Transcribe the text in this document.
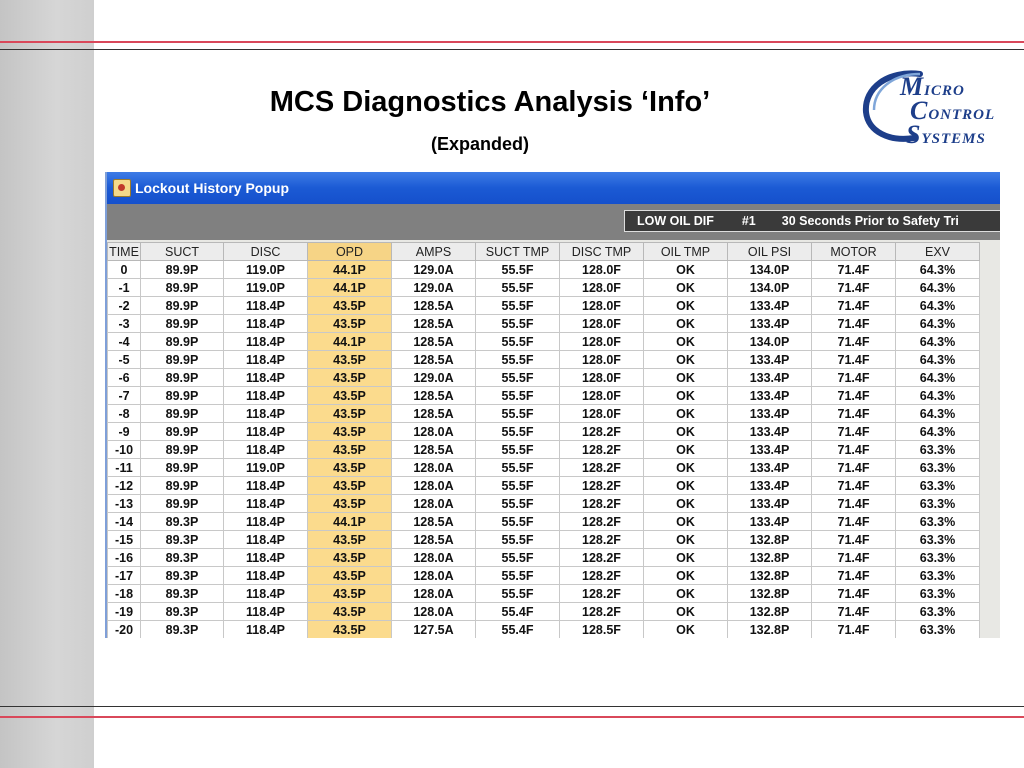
MCS Diagnostics Analysis ‘Info’
(Expanded)
MICRO
CONTROL
SYSTEMS
Lockout History Popup
LOW OIL DIF #1 30 Seconds Prior to Safety Tri
TIME	SUCT	DISC	OPD	AMPS	SUCT TMP	DISC TMP	OIL TMP	OIL PSI	MOTOR	EXV
0	89.9P	119.0P	44.1P	129.0A	55.5F	128.0F	OK	134.0P	71.4F	64.3%
-1	89.9P	119.0P	44.1P	129.0A	55.5F	128.0F	OK	134.0P	71.4F	64.3%
-2	89.9P	118.4P	43.5P	128.5A	55.5F	128.0F	OK	133.4P	71.4F	64.3%
-3	89.9P	118.4P	43.5P	128.5A	55.5F	128.0F	OK	133.4P	71.4F	64.3%
-4	89.9P	118.4P	44.1P	128.5A	55.5F	128.0F	OK	134.0P	71.4F	64.3%
-5	89.9P	118.4P	43.5P	128.5A	55.5F	128.0F	OK	133.4P	71.4F	64.3%
-6	89.9P	118.4P	43.5P	129.0A	55.5F	128.0F	OK	133.4P	71.4F	64.3%
-7	89.9P	118.4P	43.5P	128.5A	55.5F	128.0F	OK	133.4P	71.4F	64.3%
-8	89.9P	118.4P	43.5P	128.5A	55.5F	128.0F	OK	133.4P	71.4F	64.3%
-9	89.9P	118.4P	43.5P	128.0A	55.5F	128.2F	OK	133.4P	71.4F	64.3%
-10	89.9P	118.4P	43.5P	128.5A	55.5F	128.2F	OK	133.4P	71.4F	63.3%
-11	89.9P	119.0P	43.5P	128.0A	55.5F	128.2F	OK	133.4P	71.4F	63.3%
-12	89.9P	118.4P	43.5P	128.0A	55.5F	128.2F	OK	133.4P	71.4F	63.3%
-13	89.9P	118.4P	43.5P	128.0A	55.5F	128.2F	OK	133.4P	71.4F	63.3%
-14	89.3P	118.4P	44.1P	128.5A	55.5F	128.2F	OK	133.4P	71.4F	63.3%
-15	89.3P	118.4P	43.5P	128.5A	55.5F	128.2F	OK	132.8P	71.4F	63.3%
-16	89.3P	118.4P	43.5P	128.0A	55.5F	128.2F	OK	132.8P	71.4F	63.3%
-17	89.3P	118.4P	43.5P	128.0A	55.5F	128.2F	OK	132.8P	71.4F	63.3%
-18	89.3P	118.4P	43.5P	128.0A	55.5F	128.2F	OK	132.8P	71.4F	63.3%
-19	89.3P	118.4P	43.5P	128.0A	55.4F	128.2F	OK	132.8P	71.4F	63.3%
-20	89.3P	118.4P	43.5P	127.5A	55.4F	128.5F	OK	132.8P	71.4F	63.3%
